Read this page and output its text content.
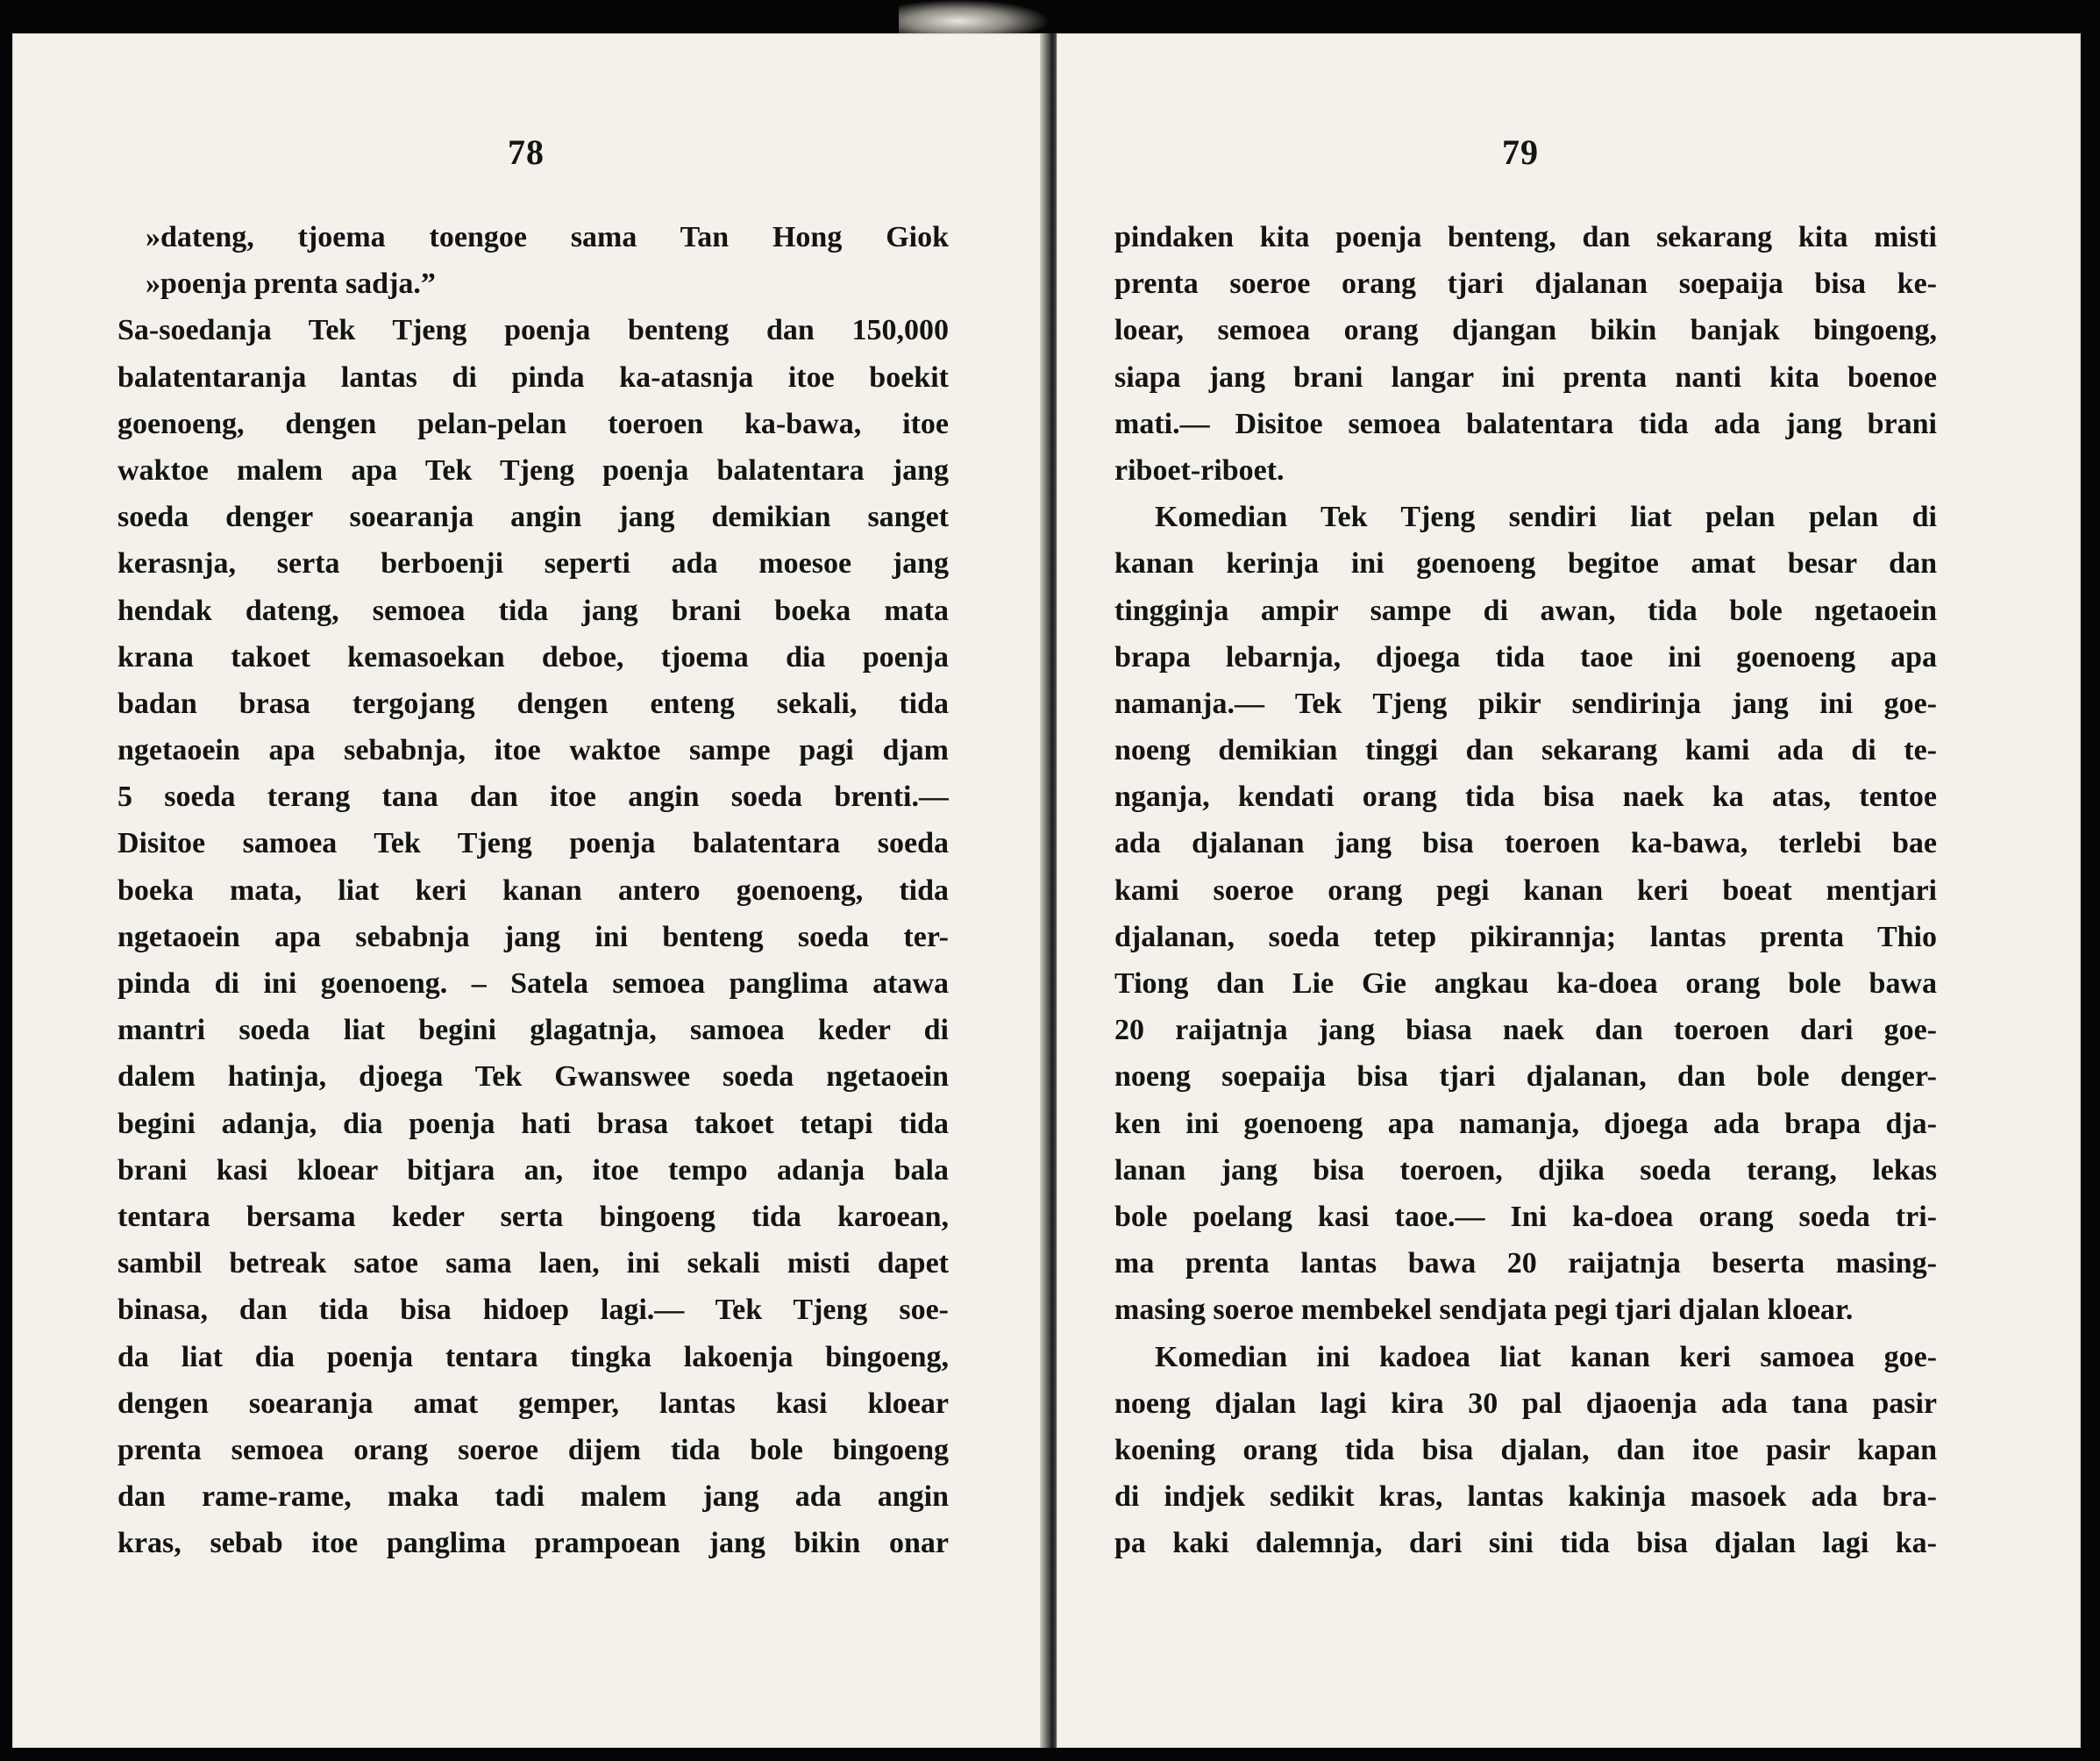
78
»dateng, tjoema toengoe sama Tan Hong Giok
»poenja prenta sadja.”
Sa-soedanja Tek Tjeng poenja benteng dan 150,000
balatentaranja lantas di pinda ka-atasnja itoe boekit
goenoeng, dengen pelan-pelan toeroen ka-bawa, itoe
waktoe malem apa Tek Tjeng poenja balatentara jang
soeda denger soearanja angin jang demikian sanget
kerasnja, serta berboenji seperti ada moesoe jang
hendak dateng, semoea tida jang brani boeka mata
krana takoet kemasoekan deboe, tjoema dia poenja
badan brasa tergojang dengen enteng sekali, tida
ngetaoein apa sebabnja, itoe waktoe sampe pagi djam
5 soeda terang tana dan itoe angin soeda brenti.—
Disitoe samoea Tek Tjeng poenja balatentara soeda
boeka mata, liat keri kanan antero goenoeng, tida
ngetaoein apa sebabnja jang ini benteng soeda ter-
pinda di ini goenoeng. – Satela semoea panglima atawa
mantri soeda liat begini glagatnja, samoea keder di
dalem hatinja, djoega Tek Gwanswee soeda ngetaoein
begini adanja, dia poenja hati brasa takoet tetapi tida
brani kasi kloear bitjara an, itoe tempo adanja bala
tentara bersama keder serta bingoeng tida karoean,
sambil betreak satoe sama laen, ini sekali misti dapet
binasa, dan tida bisa hidoep lagi.— Tek Tjeng soe-
da liat dia poenja tentara tingka lakoenja bingoeng,
dengen soearanja amat gemper, lantas kasi kloear
prenta semoea orang soeroe dijem tida bole bingoeng
dan rame-rame, maka tadi malem jang ada angin
kras, sebab itoe panglima prampoean jang bikin onar
79
pindaken kita poenja benteng, dan sekarang kita misti
prenta soeroe orang tjari djalanan soepaija bisa ke-
loear, semoea orang djangan bikin banjak bingoeng,
siapa jang brani langar ini prenta nanti kita boenoe
mati.— Disitoe semoea balatentara tida ada jang brani
riboet-riboet.
Komedian Tek Tjeng sendiri liat pelan pelan di
kanan kerinja ini goenoeng begitoe amat besar dan
tingginja ampir sampe di awan, tida bole ngetaoein
brapa lebarnja, djoega tida taoe ini goenoeng apa
namanja.— Tek Tjeng pikir sendirinja jang ini goe-
noeng demikian tinggi dan sekarang kami ada di te-
nganja, kendati orang tida bisa naek ka atas, tentoe
ada djalanan jang bisa toeroen ka-bawa, terlebi bae
kami soeroe orang pegi kanan keri boeat mentjari
djalanan, soeda tetep pikirannja; lantas prenta Thio
Tiong dan Lie Gie angkau ka-doea orang bole bawa
20 raijatnja jang biasa naek dan toeroen dari goe-
noeng soepaija bisa tjari djalanan, dan bole denger-
ken ini goenoeng apa namanja, djoega ada brapa dja-
lanan jang bisa toeroen, djika soeda terang, lekas
bole poelang kasi taoe.— Ini ka-doea orang soeda tri-
ma prenta lantas bawa 20 raijatnja beserta masing-
masing soeroe membekel sendjata pegi tjari djalan kloear.
Komedian ini kadoea liat kanan keri samoea goe-
noeng djalan lagi kira 30 pal djaoenja ada tana pasir
koening orang tida bisa djalan, dan itoe pasir kapan
di indjek sedikit kras, lantas kakinja masoek ada bra-
pa kaki dalemnja, dari sini tida bisa djalan lagi ka-
